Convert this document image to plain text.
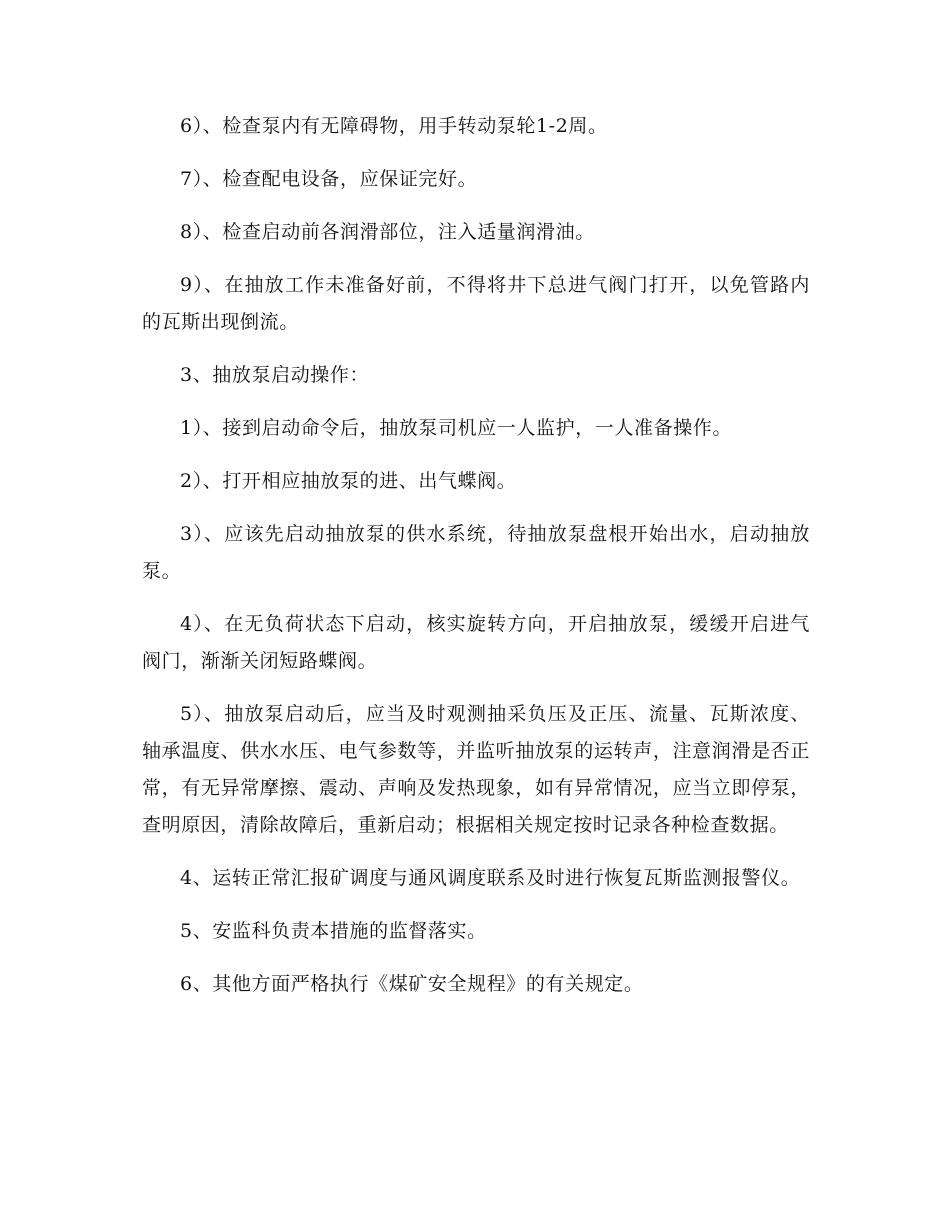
6）、检查泵内有无障碍物，用手转动泵轮1-2周。

7）、检查配电设备，应保证完好。

8）、检查启动前各润滑部位，注入适量润滑油。

9）、在抽放工作未准备好前，不得将井下总进气阀门打开，以免管路内的瓦斯出现倒流。

3、抽放泵启动操作：

1）、接到启动命令后，抽放泵司机应一人监护，一人准备操作。

2）、打开相应抽放泵的进、出气蝶阀。

3）、应该先启动抽放泵的供水系统，待抽放泵盘根开始出水，启动抽放泵。

4）、在无负荷状态下启动，核实旋转方向，开启抽放泵，缓缓开启进气阀门，渐渐关闭短路蝶阀。

5）、抽放泵启动后，应当及时观测抽采负压及正压、流量、瓦斯浓度、轴承温度、供水水压、电气参数等，并监听抽放泵的运转声，注意润滑是否正常，有无异常摩擦、震动、声响及发热现象，如有异常情况，应当立即停泵，查明原因，清除故障后，重新启动；根据相关规定按时记录各种检查数据。

4、运转正常汇报矿调度与通风调度联系及时进行恢复瓦斯监测报警仪。

5、安监科负责本措施的监督落实。

6、其他方面严格执行《煤矿安全规程》的有关规定。
